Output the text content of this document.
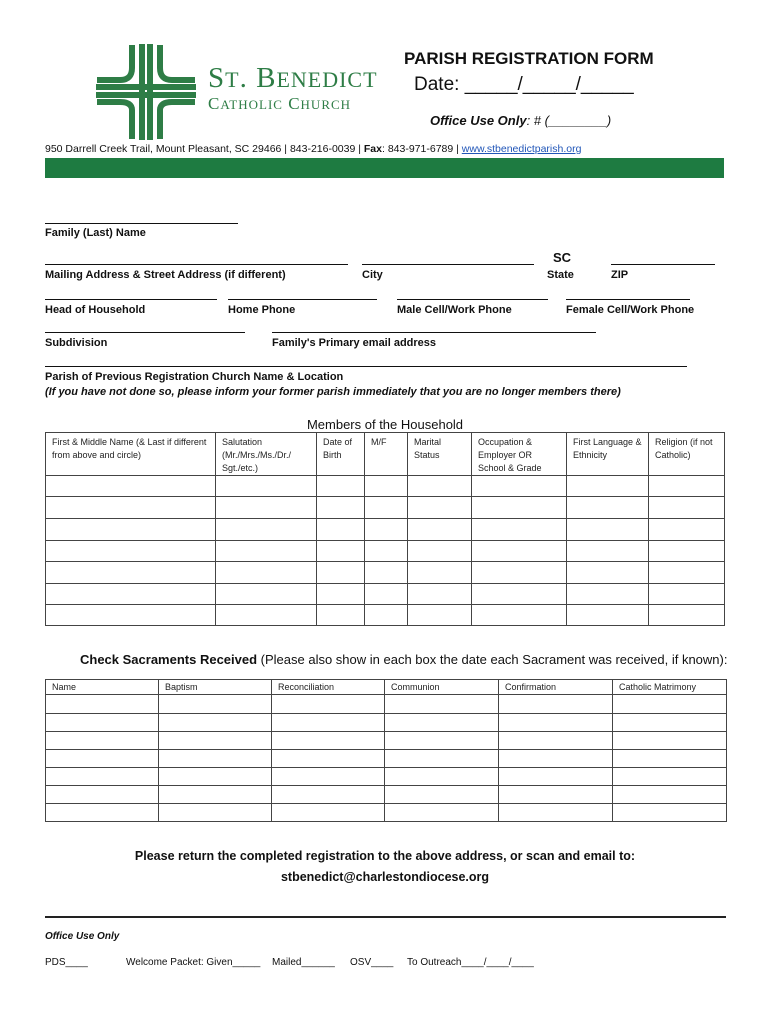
ST. BENEDICT
CATHOLIC CHURCH
PARISH REGISTRATION FORM
Date: _____/_____/_____
Office Use Only: # (________)
950 Darrell Creek Trail, Mount Pleasant, SC 29466 | 843-216-0039 | Fax: 843-971-6789 | www.stbenedictparish.org
Family (Last) Name
SC
Mailing Address & Street Address (if different)	City	State	ZIP
Head of Household	Home Phone	Male Cell/Work Phone	Female Cell/Work Phone
Subdivision	Family's Primary email address
Parish of Previous Registration Church Name & Location
(If you have not done so, please inform your former parish immediately that you are no longer members there)
Members of the Household
First & Middle Name (& Last if different from above and circle)	Salutation (Mr./Mrs./Ms./Dr./ Sgt./etc.)	Date of Birth	M/F	Marital Status	Occupation & Employer OR School & Grade	First Language & Ethnicity	Religion (if not Catholic)

Check Sacraments Received (Please also show in each box the date each Sacrament was received, if known):
Name	Baptism	Reconciliation	Communion	Confirmation	Catholic Matrimony

Please return the completed registration to the above address, or scan and email to:
stbenedict@charlestondiocese.org
Office Use Only
PDS____	Welcome Packet: Given_____ Mailed______ OSV____ To Outreach____/____/____
